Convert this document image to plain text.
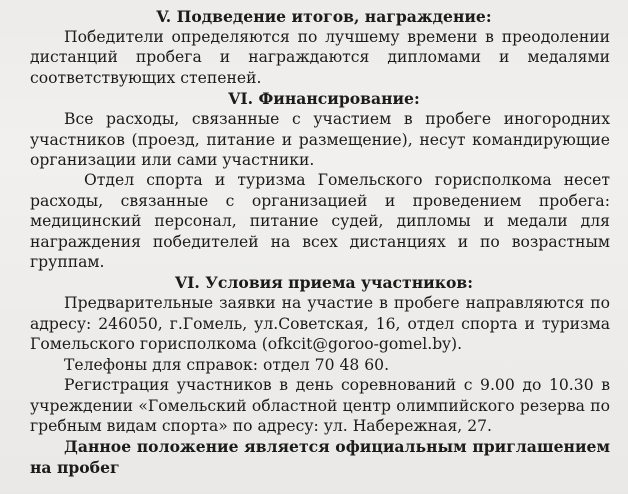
V. Подведение итогов, награждение:

Победители определяются по лучшему времени в преодолении дистанций пробега и награждаются дипломами и медалями соответствующих степеней.

VI. Финансирование:

Все расходы, связанные с участием в пробеге иногородних участников (проезд, питание и размещение), несут командирующие организации или сами участники.

Отдел спорта и туризма Гомельского горисполкома несет расходы, связанные с организацией и проведением пробега: медицинский персонал, питание судей, дипломы и медали для награждения победителей на всех дистанциях и по возрастным группам.

VI. Условия приема участников:

Предварительные заявки на участие в пробеге направляются по адресу: 246050, г.Гомель, ул.Советская, 16, отдел спорта и туризма Гомельского горисполкома (ofkcit@goroo-gomel.by).

Телефоны для справок: отдел 70 48 60.

Регистрация участников в день соревнований с 9.00 до 10.30 в учреждении «Гомельский областной центр олимпийского резерва по гребным видам спорта» по адресу: ул. Набережная, 27.

Данное положение является официальным приглашением на пробег
